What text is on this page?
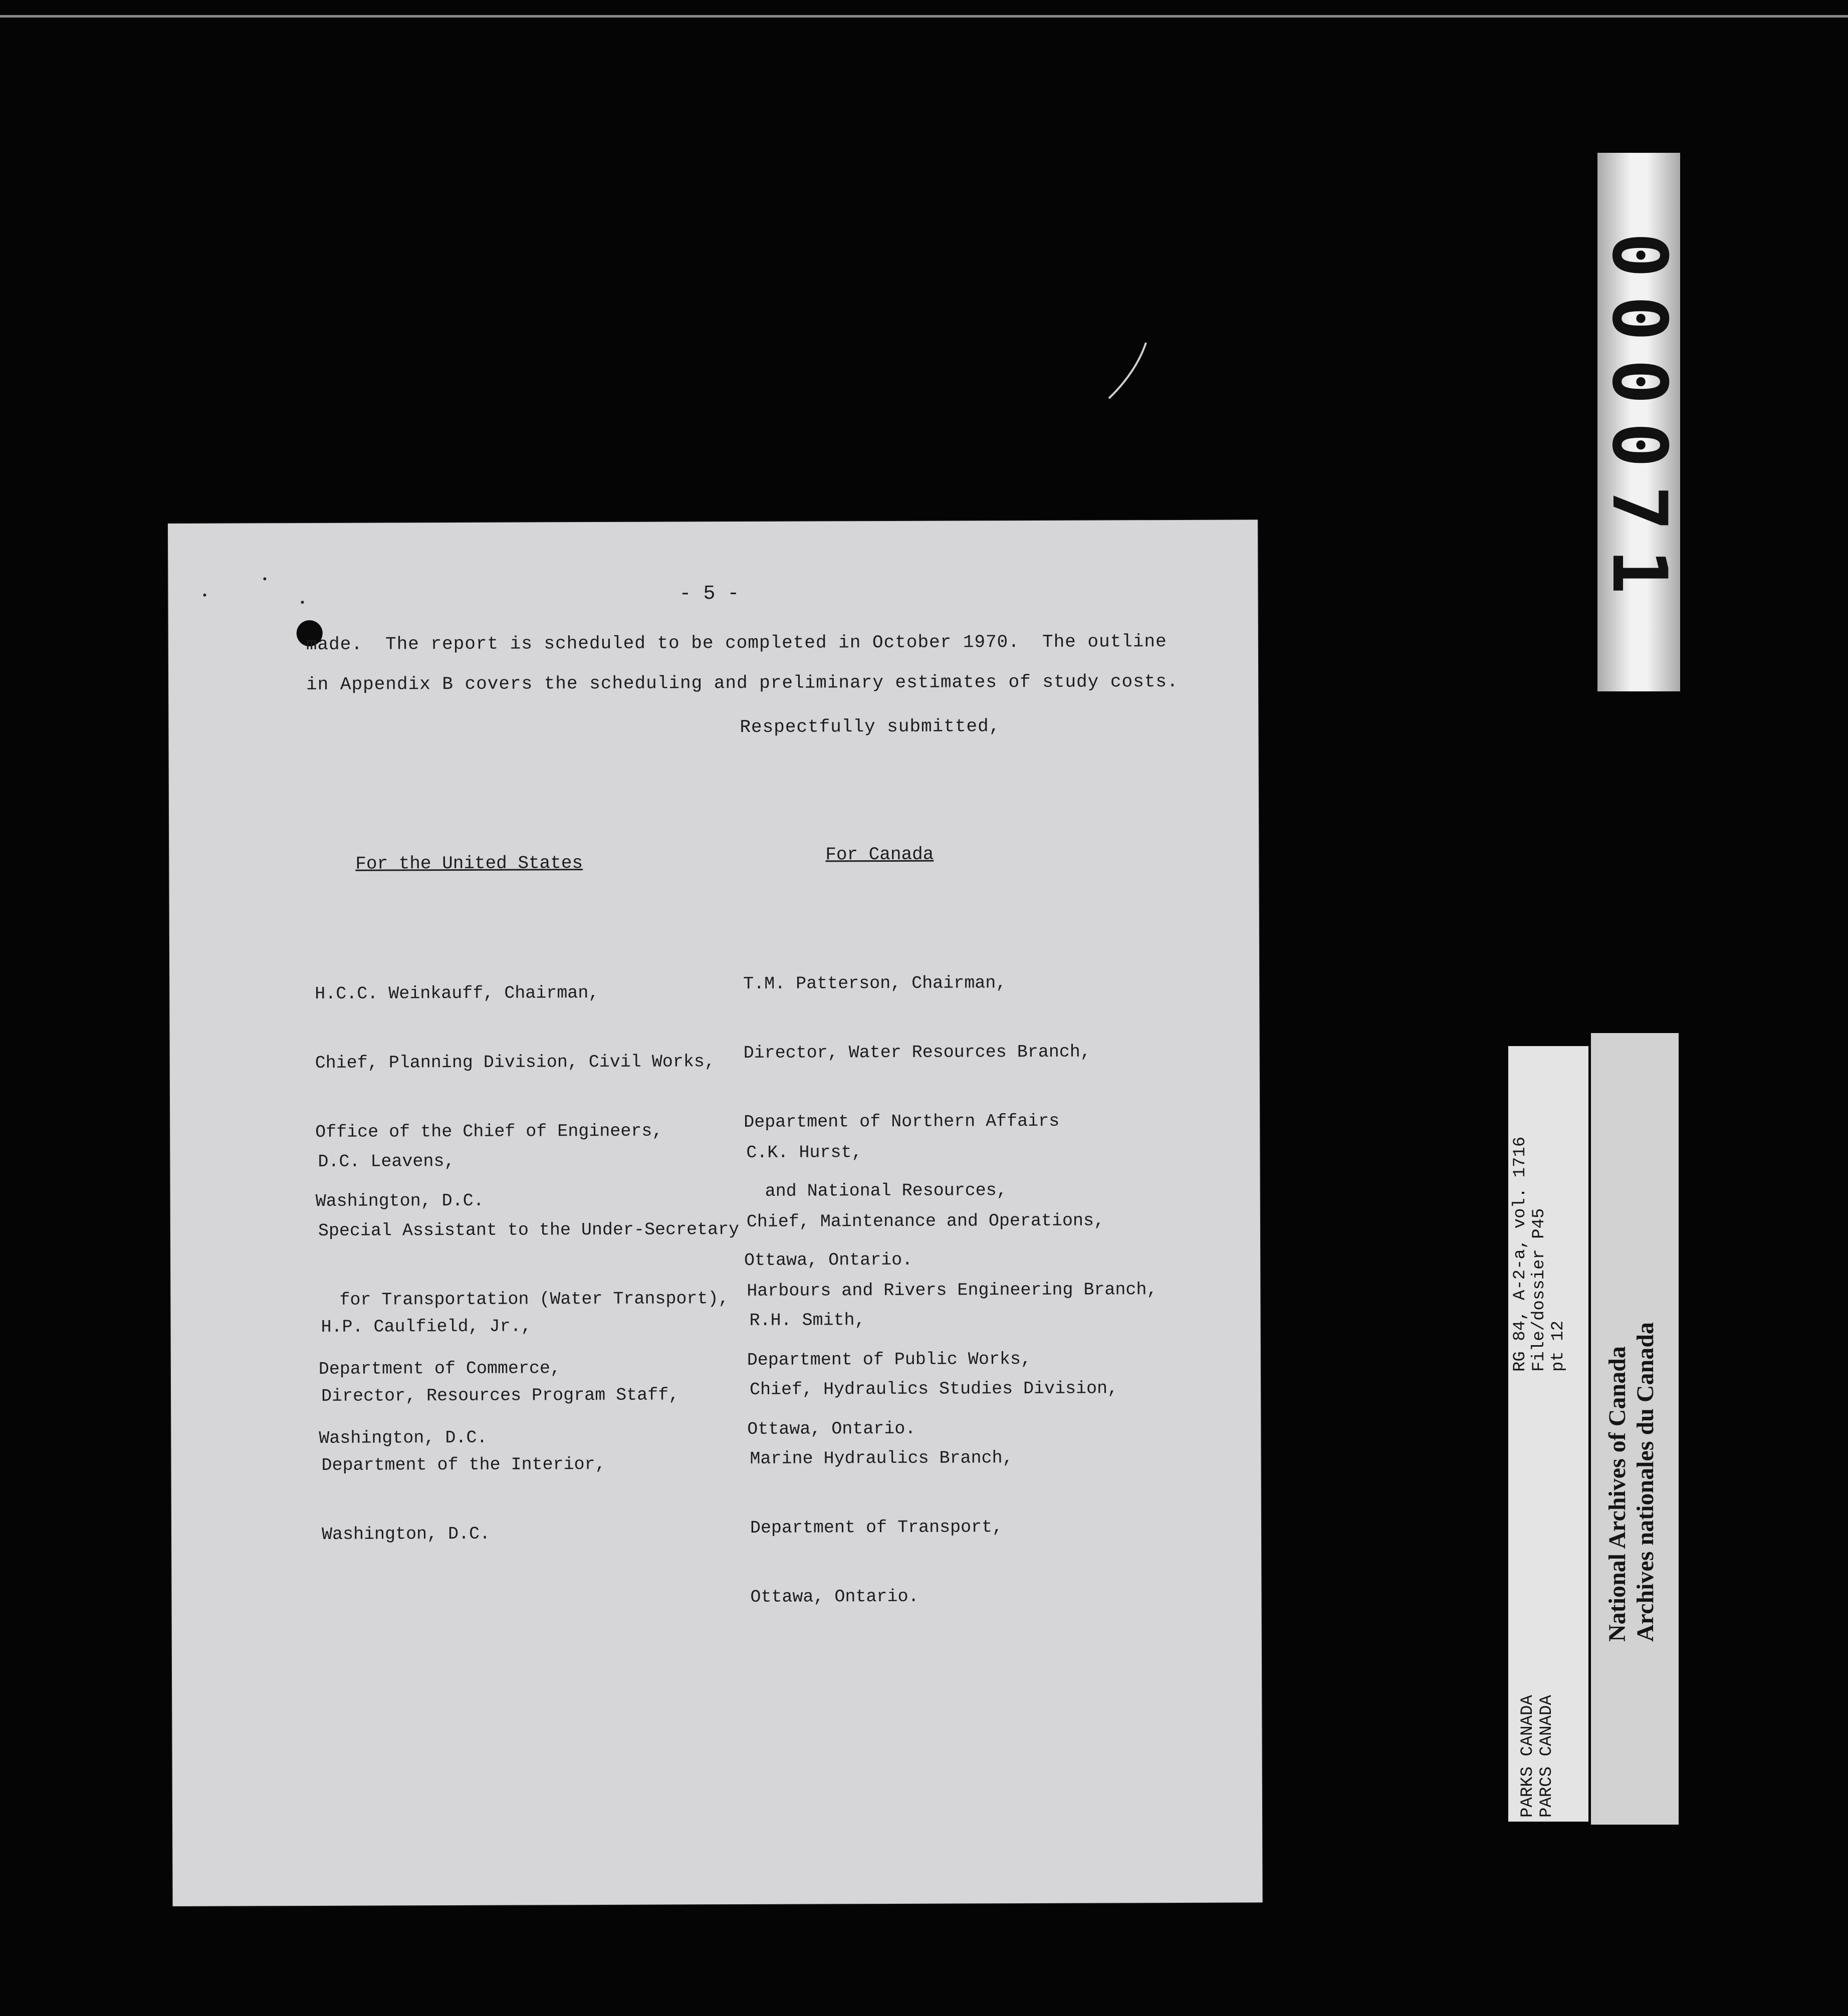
- 5 -
made.  The report is scheduled to be completed in October 1970.  The outline
in Appendix B covers the scheduling and preliminary estimates of study costs.
Respectfully submitted,
For the United States	For Canada

H.C.C. Weinkauff, Chairman,

Chief, Planning Division, Civil Works,

Office of the Chief of Engineers,

Washington, D.C.

D.C. Leavens,

Special Assistant to the Under-Secretary

for Transportation (Water Transport),

Department of Commerce,

Washington, D.C.

H.P. Caulfield, Jr.,

Director, Resources Program Staff,

Department of the Interior,

Washington, D.C.

T.M. Patterson, Chairman,

Director, Water Resources Branch,

Department of Northern Affairs

and National Resources,

Ottawa, Ontario.

C.K. Hurst,

Chief, Maintenance and Operations,

Harbours and Rivers Engineering Branch,

Department of Public Works,

Ottawa, Ontario.

R.H. Smith,

Chief, Hydraulics Studies Division,

Marine Hydraulics Branch,

Department of Transport,

Ottawa, Ontario.

000071
RG 84, A-2-a, vol. 1716 File/dossier P45 pt 12
PARKS CANADA PARCS CANADA
National Archives of Canada Archives nationales du Canada
